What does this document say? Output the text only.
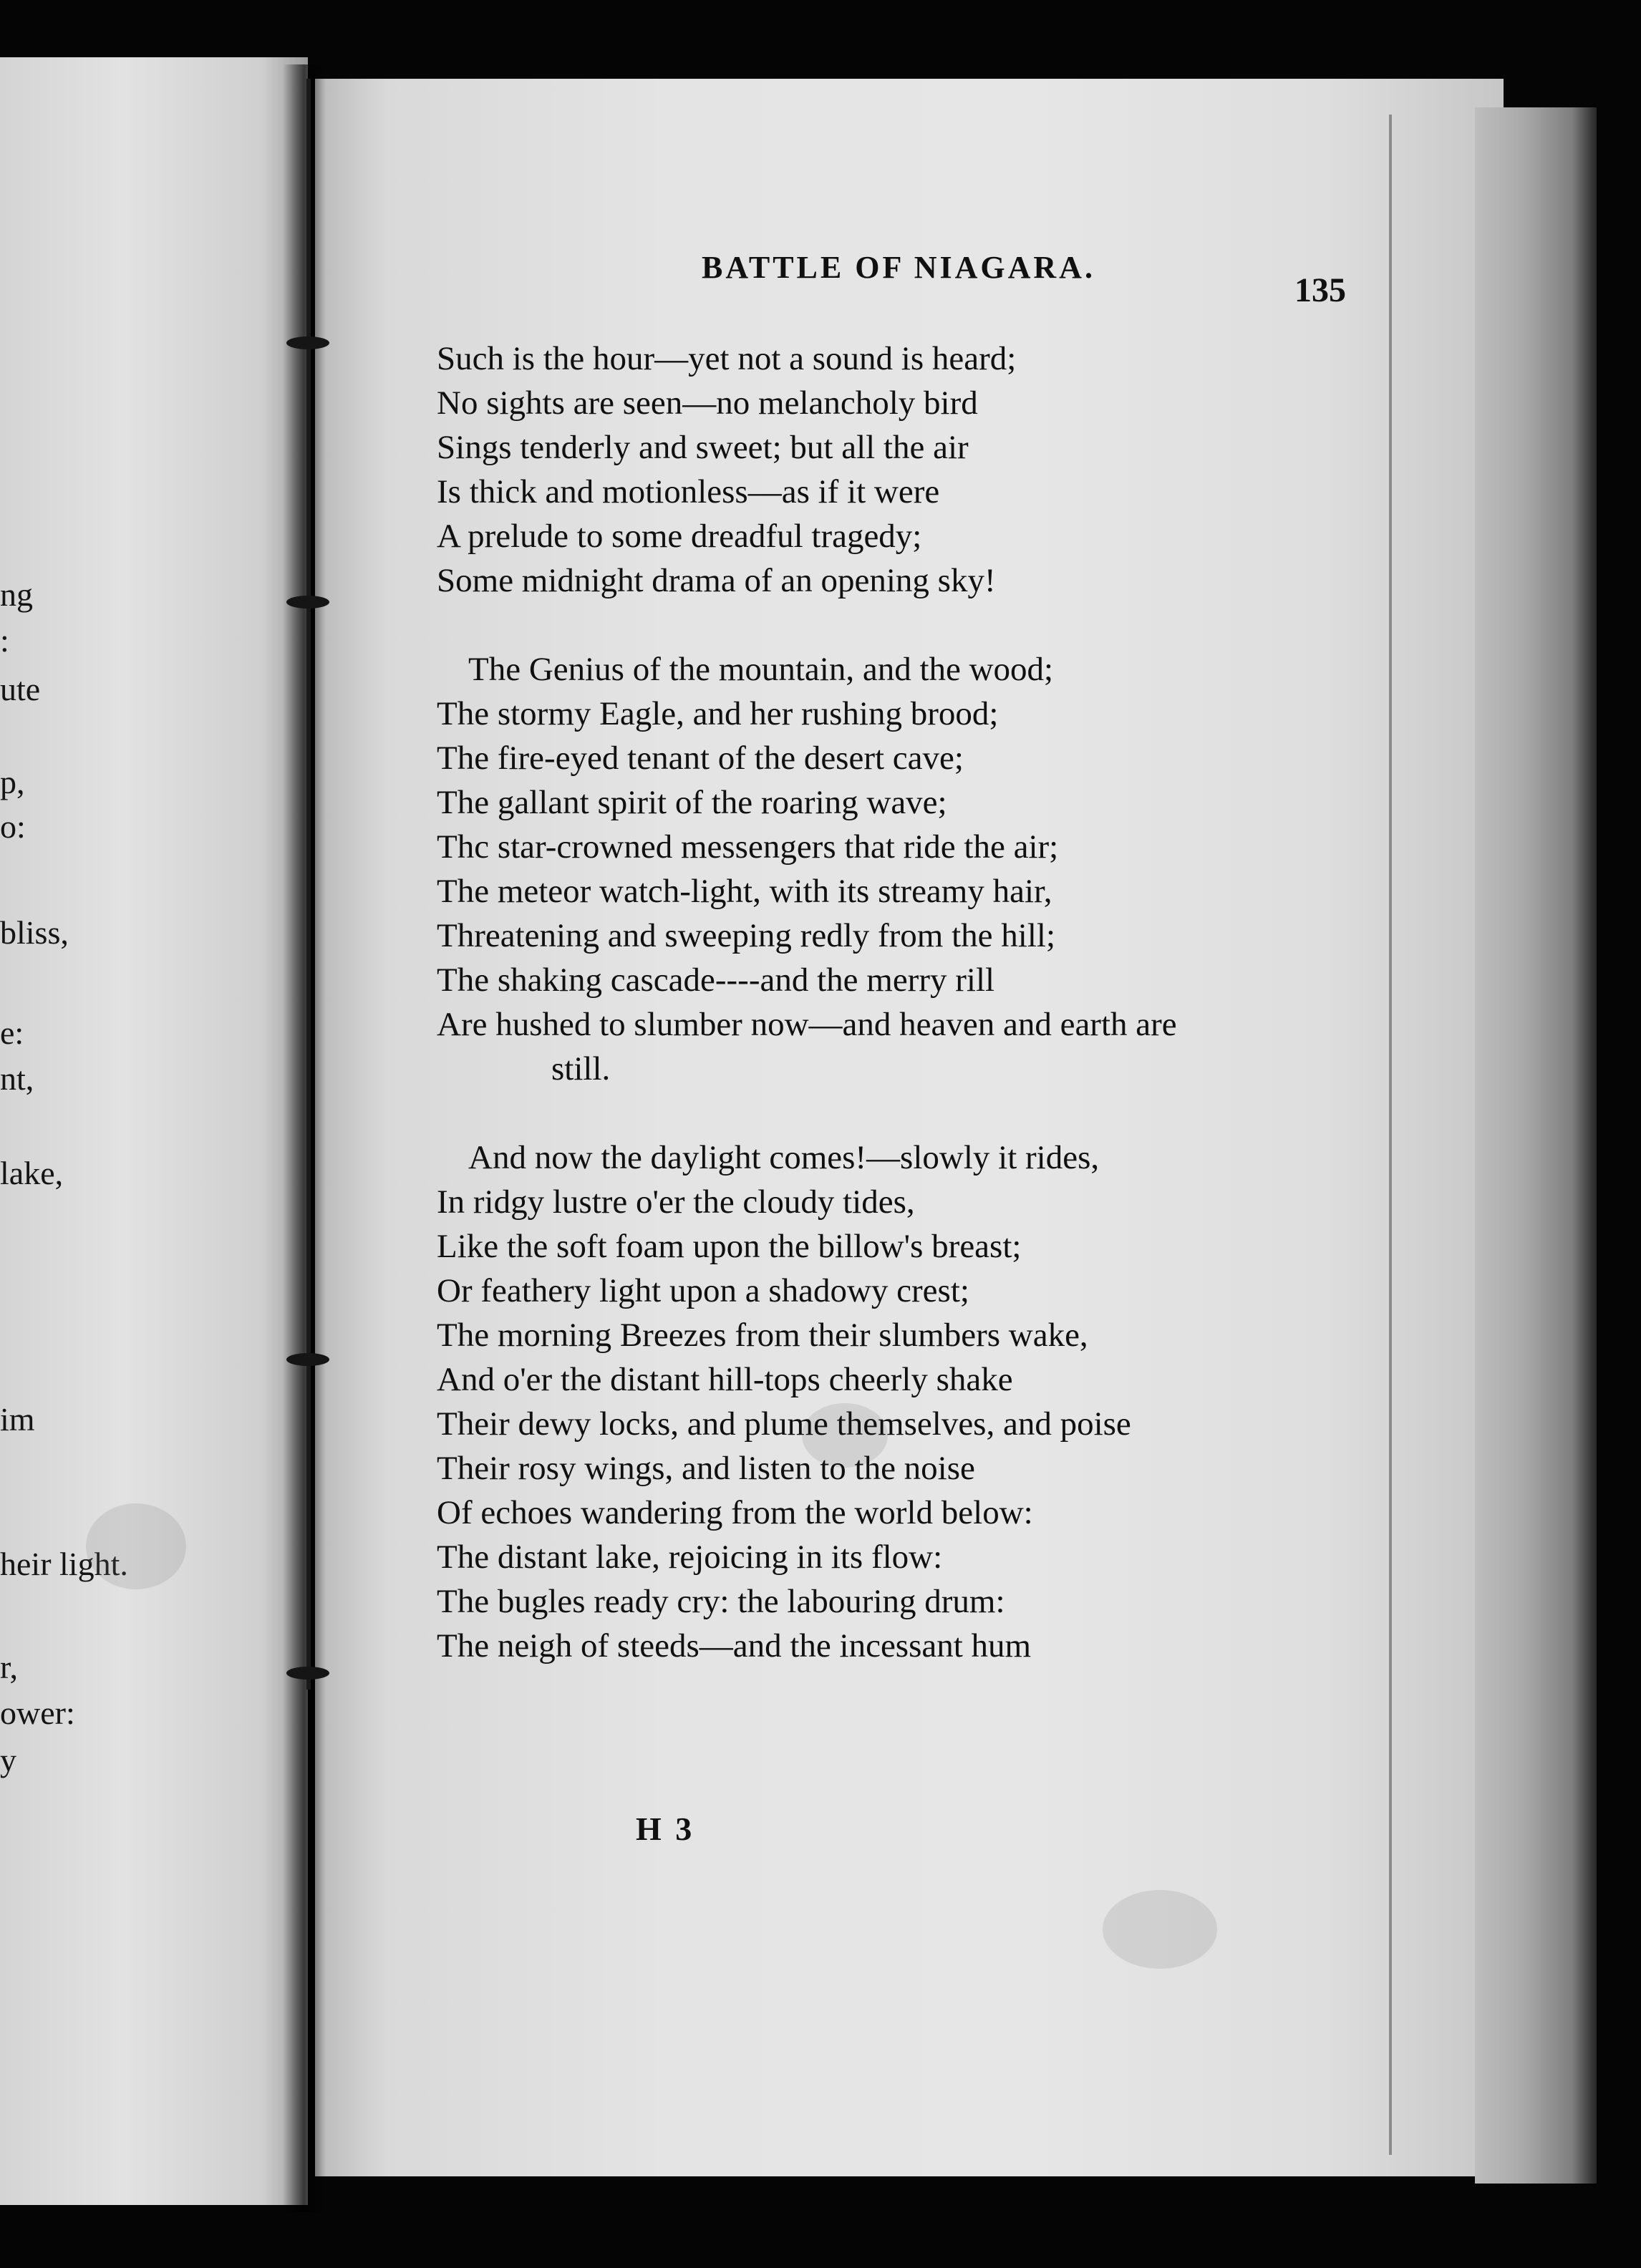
ng
:
ute
p,
o:
bliss,
e:
nt,
lake,
im
heir light.
r,
ower:
y
BATTLE OF NIAGARA.
135
Such is the hour—yet not a sound is heard;
No sights are seen—no melancholy bird
Sings tenderly and sweet; but all the air
Is thick and motionless—as if it were
A prelude to some dreadful tragedy;
Some midnight drama of an opening sky!
The Genius of the mountain, and the wood;
The stormy Eagle, and her rushing brood;
The fire-eyed tenant of the desert cave;
The gallant spirit of the roaring wave;
Thc star-crowned messengers that ride the air;
The meteor watch-light, with its streamy hair,
Threatening and sweeping redly from the hill;
The shaking cascade----and the merry rill
Are hushed to slumber now—and heaven and earth are
still.
And now the daylight comes!—slowly it rides,
In ridgy lustre o'er the cloudy tides,
Like the soft foam upon the billow's breast;
Or feathery light upon a shadowy crest;
The morning Breezes from their slumbers wake,
And o'er the distant hill-tops cheerly shake
Their dewy locks, and plume themselves, and poise
Their rosy wings, and listen to the noise
Of echoes wandering from the world below:
The distant lake, rejoicing in its flow:
The bugles ready cry: the labouring drum:
The neigh of steeds—and the incessant hum
H 3
